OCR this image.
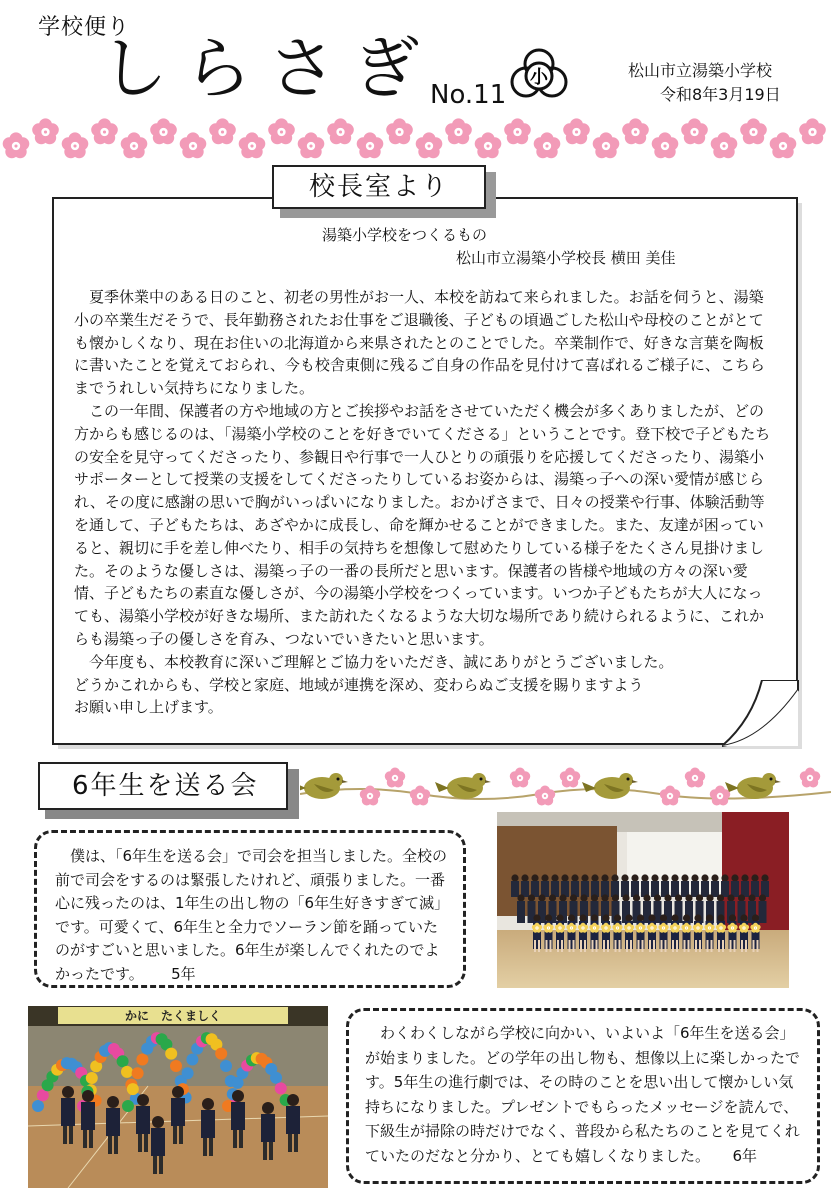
学校便り
しらさぎ
No.11
小	松山市立湯築小学校
令和8年3月19日
校長室より
湯築小学校をつくるもの
松山市立湯築小学校長 横田 美佳

夏季休業中のある日のこと、初老の男性がお一人、本校を訪ねて来られました。お話を伺うと、湯築小の卒業生だそうで、長年勤務されたお仕事をご退職後、子どもの頃過ごした松山や母校のことがとても懐かしくなり、現在お住いの北海道から来県されたとのことでした。卒業制作で、好きな言葉を陶板に書いたことを覚えておられ、今も校舎東側に残るご自身の作品を見付けて喜ばれるご様子に、こちらまでうれしい気持ちになりました。

この一年間、保護者の方や地域の方とご挨拶やお話をさせていただく機会が多くありましたが、どの方からも感じるのは、「湯築小学校のことを好きでいてくださる」ということです。登下校で子どもたちの安全を見守ってくださったり、参観日や行事で一人ひとりの頑張りを応援してくださったり、湯築小サポーターとして授業の支援をしてくださったりしているお姿からは、湯築っ子への深い愛情が感じられ、その度に感謝の思いで胸がいっぱいになりました。おかげさまで、日々の授業や行事、体験活動等を通して、子どもたちは、あざやかに成長し、命を輝かせることができました。また、友達が困っていると、親切に手を差し伸べたり、相手の気持ちを想像して慰めたりしている様子をたくさん見掛けました。そのような優しさは、湯築っ子の一番の長所だと思います。保護者の皆様や地域の方々の深い愛情、子どもたちの素直な優しさが、今の湯築小学校をつくっています。いつか子どもたちが大人になっても、湯築小学校が好きな場所、また訪れたくなるような大切な場所であり続けられるように、これからも湯築っ子の優しさを育み、つないでいきたいと思います。

今年度も、本校教育に深いご理解とご協力をいただき、誠にありがとうございました。

どうかこれからも、学校と家庭、地域が連携を深め、変わらぬご支援を賜りますよう

お願い申し上げます。

6年生を送る会

僕は、「6年生を送る会」で司会を担当しました。全校の前で司会をするのは緊張したけれど、頑張りました。一番心に残ったのは、1年生の出し物の「6年生好きすぎて滅」です。可愛くて、6年生と全力でソーラン節を踊っていたのがすごいと思いました。6年生が楽しんでくれたのでよかったです。　　 5年

かに　たくましく

わくわくしながら学校に向かい、いよいよ「6年生を送る会」が始まりました。どの学年の出し物も、想像以上に楽しかったです。5年生の進行劇では、その時のことを思い出して懐かしい気持ちになりました。プレゼントでもらったメッセージを読んで、下級生が掃除の時だけでなく、普段から私たちのことを見てくれていたのだなと分かり、とても嬉しくなりました。　　6年
